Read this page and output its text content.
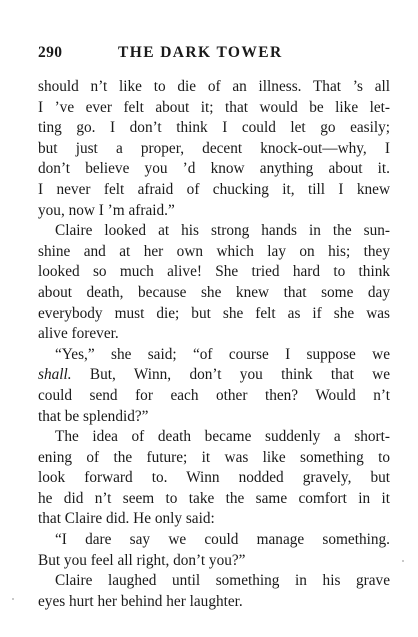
290	THE DARK TOWER
should n’t like to die of an illness. That ’s all
I ’ve ever felt about it; that would be like let-
ting go. I don’t think I could let go easily;
but just a proper, decent knock-out—why, I
don’t believe you ’d know anything about it.
I never felt afraid of chucking it, till I knew
you, now I ’m afraid.”
Claire looked at his strong hands in the sun-
shine and at her own which lay on his; they
looked so much alive! She tried hard to think
about death, because she knew that some day
everybody must die; but she felt as if she was
alive forever.
“Yes,” she said; “of course I suppose we
shall. But, Winn, don’t you think that we
could send for each other then? Would n’t
that be splendid?”
The idea of death became suddenly a short-
ening of the future; it was like something to
look forward to. Winn nodded gravely, but
he did n’t seem to take the same comfort in it
that Claire did. He only said:
“I dare say we could manage something.
But you feel all right, don’t you?”
Claire laughed until something in his grave
eyes hurt her behind her laughter.
